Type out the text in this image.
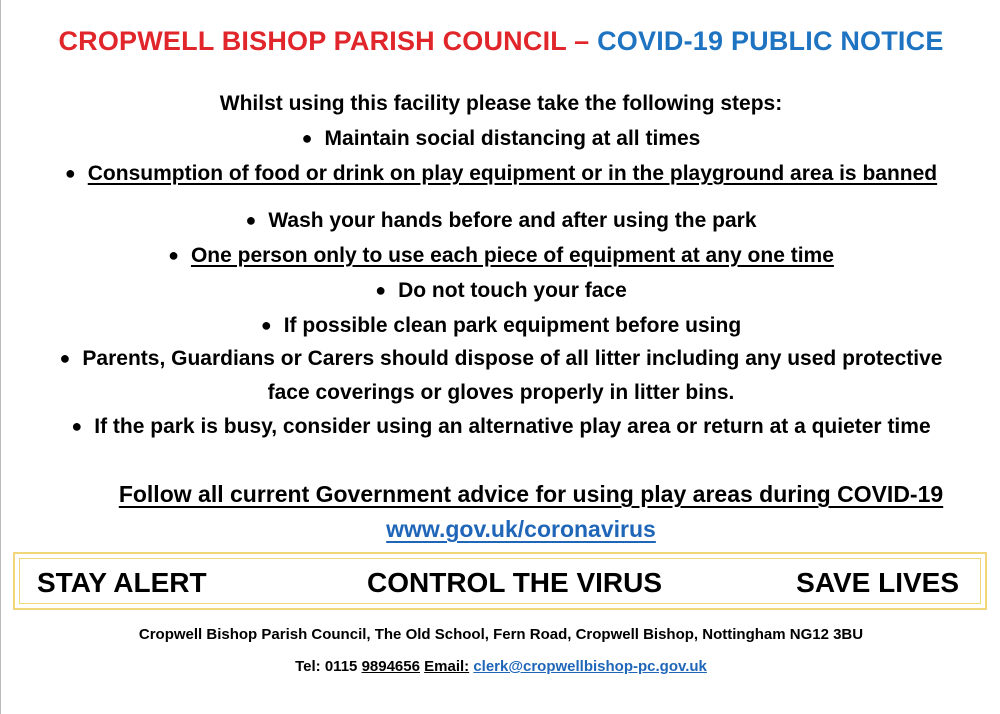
CROPWELL BISHOP PARISH COUNCIL – COVID-19 PUBLIC NOTICE
Whilst using this facility please take the following steps:
● Maintain social distancing at all times
● Consumption of food or drink on play equipment or in the playground area is banned
● Wash your hands before and after using the park
● One person only to use each piece of equipment at any one time
● Do not touch your face
● If possible clean park equipment before using
● Parents, Guardians or Carers should dispose of all litter including any used protective
face coverings or gloves properly in litter bins.
● If the park is busy, consider using an alternative play area or return at a quieter time
Follow all current Government advice for using play areas during COVID-19
www.gov.uk/coronavirus
STAY ALERT	CONTROL THE VIRUS	SAVE LIVES
Cropwell Bishop Parish Council, The Old School, Fern Road, Cropwell Bishop, Nottingham NG12 3BU
Tel: 0115 9894656 Email: clerk@cropwellbishop-pc.gov.uk
